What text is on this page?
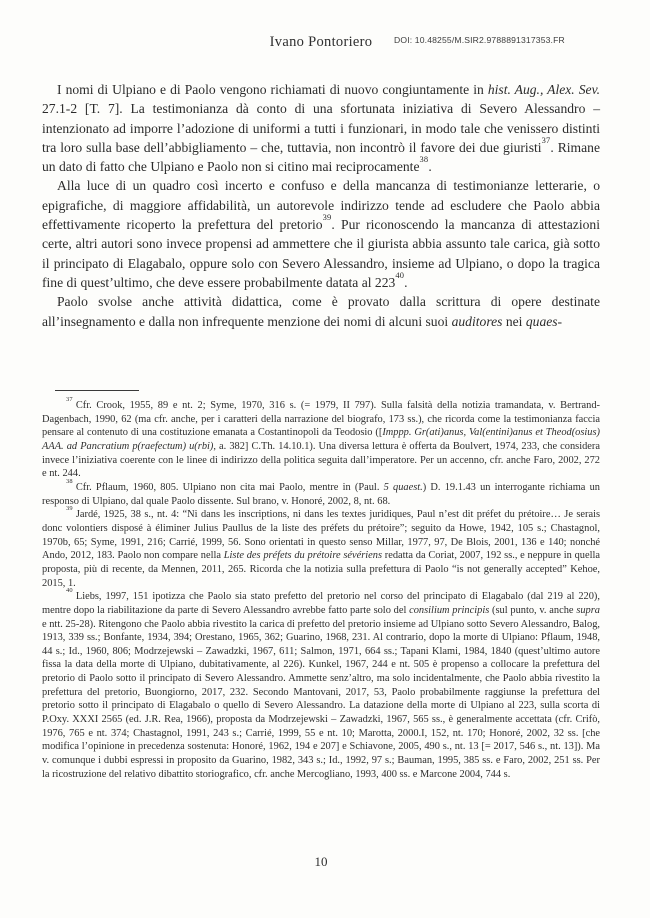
Ivano Pontoriero	DOI: 10.48255/M.SIR2.9788891317353.FR

I nomi di Ulpiano e di Paolo vengono richiamati di nuovo congiuntamente in hist. Aug., Alex. Sev. 27.1-2 [T. 7]. La testimonianza dà conto di una sfortunata iniziativa di Severo Alessandro – intenzionato ad imporre l’adozione di uniformi a tutti i funzionari, in modo tale che venissero distinti tra loro sulla base dell’abbigliamento – che, tuttavia, non incontrò il favore dei due giuristi$^{37}$. Rimane un dato di fatto che Ulpiano e Paolo non si citino mai reciprocamente$^{38}$.

Alla luce di un quadro così incerto e confuso e della mancanza di testimonianze letterarie, o epigrafiche, di maggiore affidabilità, un autorevole indirizzo tende ad escludere che Paolo abbia effettivamente ricoperto la prefettura del pretorio$^{39}$. Pur riconoscendo la mancanza di attestazioni certe, altri autori sono invece propensi ad ammettere che il giurista abbia assunto tale carica, già sotto il principato di Elagabalo, oppure solo con Severo Alessandro, insieme ad Ulpiano, o dopo la tragica fine di quest’ultimo, che deve essere probabilmente datata al $223^{40}$.

Paolo svolse anche attività didattica, come è provato dalla scrittura di opere destinate all’insegnamento e dalla non infrequente menzione dei nomi di alcuni suoi auditores nei quaes-

$^{37}$Cfr. Crook, 1955, 89 e nt. 2; Syme, 1970, 316 s. (= 1979, II 797). Sulla falsità della notizia tramandata, v. Bertrand-Dagenbach, 1990, 62 (ma cfr. anche, per i caratteri della narrazione del biografo, 173 ss.), che ricorda come la testimonianza faccia pensare al contenuto di una costituzione emanata a Costantinopoli da Teodosio ([Imppp. Gr(ati)anus, Val(entini)anus et Theod(osius) AAA. ad Pancratium p(raefectum) u(rbi), a. 382] C.Th. 14.10.1). Una diversa lettura è offerta da Boulvert, 1974, 233, che considera invece l’iniziativa coerente con le linee di indirizzo della politica seguita dall’imperatore. Per un accenno, cfr. anche Faro, 2002, 272 e nt. 244.

$^{38}$Cfr. Pflaum, 1960, 805. Ulpiano non cita mai Paolo, mentre in (Paul. 5 quaest.) D. 19.1.43 un interrogante richiama un responso di Ulpiano, dal quale Paolo dissente. Sul brano, v. Honoré, 2002, 8, nt. 68.

$^{39}$Jardé, 1925, 38 s., nt. 4: “Ni dans les inscriptions, ni dans les textes juridiques, Paul n’est dit préfet du prétoire… Je serais donc volontiers disposé à éliminer Julius Paullus de la liste des préfets du prétoire”; seguito da Howe, 1942, 105 s.; Chastagnol, 1970b, 65; Syme, 1991, 216; Carrié, 1999, 56. Sono orientati in questo senso Millar, 1977, 97, De Blois, 2001, 136 e 140; nonché Ando, 2012, 183. Paolo non compare nella Liste des préfets du prétoire sévériens redatta da Coriat, 2007, 192 ss., e neppure in quella proposta, più di recente, da Mennen, 2011, 265. Ricorda che la notizia sulla prefettura di Paolo “is not generally accepted” Kehoe, 2015, 1.

$^{40}$Liebs, 1997, 151 ipotizza che Paolo sia stato prefetto del pretorio nel corso del principato di Elagabalo (dal 219 al 220), mentre dopo la riabilitazione da parte di Severo Alessandro avrebbe fatto parte solo del consilium principis (sul punto, v. anche supra e ntt. 25-28). Ritengono che Paolo abbia rivestito la carica di prefetto del pretorio insieme ad Ulpiano sotto Severo Alessandro, Balog, 1913, 339 ss.; Bonfante, 1934, 394; Orestano, 1965, 362; Guarino, 1968, 231. Al contrario, dopo la morte di Ulpiano: Pflaum, 1948, 44 s.; Id., 1960, 806; Modrzejewski – Zawadzki, 1967, 611; Salmon, 1971, 664 ss.; Tapani Klami, 1984, 1840 (quest’ultimo autore fissa la data della morte di Ulpiano, dubitativamente, al 226). Kunkel, 1967, 244 e nt. 505 è propenso a collocare la prefettura del pretorio di Paolo sotto il principato di Severo Alessandro. Ammette senz’altro, ma solo incidentalmente, che Paolo abbia rivestito la prefettura del pretorio, Buongiorno, 2017, 232. Secondo Mantovani, 2017, 53, Paolo probabilmente raggiunse la prefettura del pretorio sotto il principato di Elagabalo o quello di Severo Alessandro. La datazione della morte di Ulpiano al 223, sulla scorta di P.Oxy. XXXI 2565 (ed. J.R. Rea, 1966), proposta da Modrzejewski – Zawadzki, 1967, 565 ss., è generalmente accettata (cfr. Crifò, 1976, 765 e nt. 374; Chastagnol, 1991, 243 s.; Carrié, 1999, 55 e nt. 10; Marotta, 2000.I, 152, nt. 170; Honoré, 2002, 32 ss. [che modifica l’opinione in precedenza sostenuta: Honoré, 1962, 194 e 207] e Schiavone, 2005, 490 s., nt. 13 [= 2017, 546 s., nt. 13]). Ma v. comunque i dubbi espressi in proposito da Guarino, 1982, 343 s.; Id., 1992, 97 s.; Bauman, 1995, 385 ss. e Faro, 2002, 251 ss. Per la ricostruzione del relativo dibattito storiografico, cfr. anche Mercogliano, 1993, 400 ss. e Marcone 2004, 744 s.

10
